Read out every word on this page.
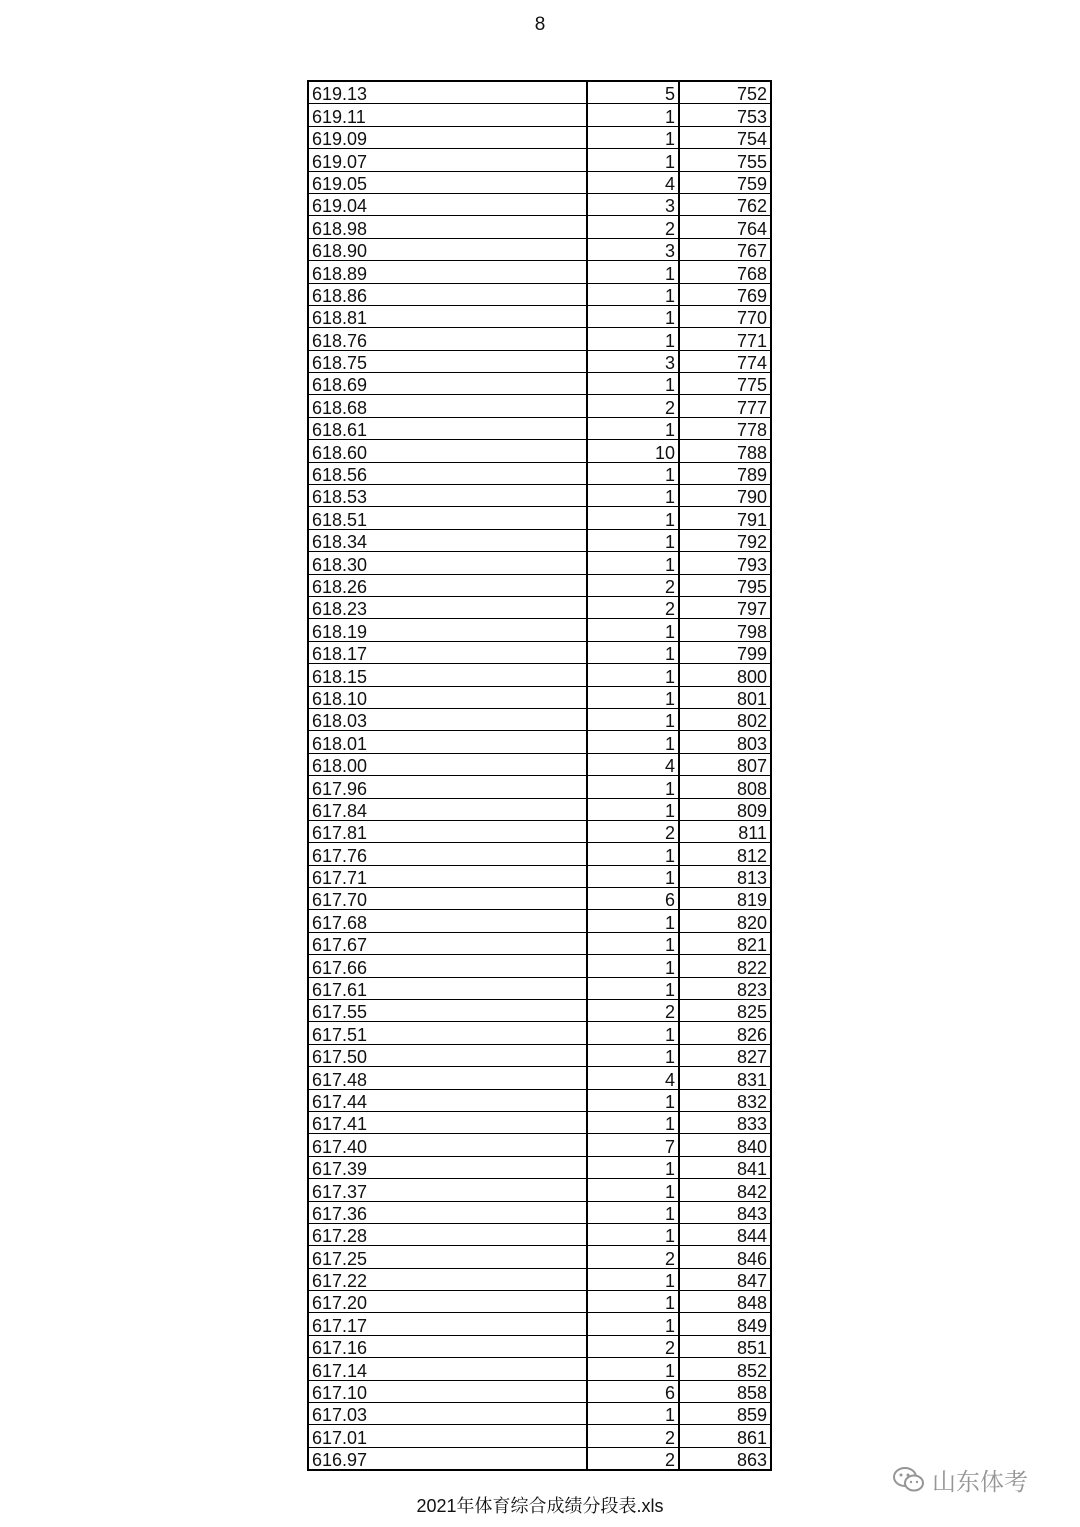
8
619.13	5	752
619.11	1	753
619.09	1	754
619.07	1	755
619.05	4	759
619.04	3	762
618.98	2	764
618.90	3	767
618.89	1	768
618.86	1	769
618.81	1	770
618.76	1	771
618.75	3	774
618.69	1	775
618.68	2	777
618.61	1	778
618.60	10	788
618.56	1	789
618.53	1	790
618.51	1	791
618.34	1	792
618.30	1	793
618.26	2	795
618.23	2	797
618.19	1	798
618.17	1	799
618.15	1	800
618.10	1	801
618.03	1	802
618.01	1	803
618.00	4	807
617.96	1	808
617.84	1	809
617.81	2	811
617.76	1	812
617.71	1	813
617.70	6	819
617.68	1	820
617.67	1	821
617.66	1	822
617.61	1	823
617.55	2	825
617.51	1	826
617.50	1	827
617.48	4	831
617.44	1	832
617.41	1	833
617.40	7	840
617.39	1	841
617.37	1	842
617.36	1	843
617.28	1	844
617.25	2	846
617.22	1	847
617.20	1	848
617.17	1	849
617.16	2	851
617.14	1	852
617.10	6	858
617.03	1	859
617.01	2	861
616.97	2	863
2021年体育综合成绩分段表.xls
山东体考
